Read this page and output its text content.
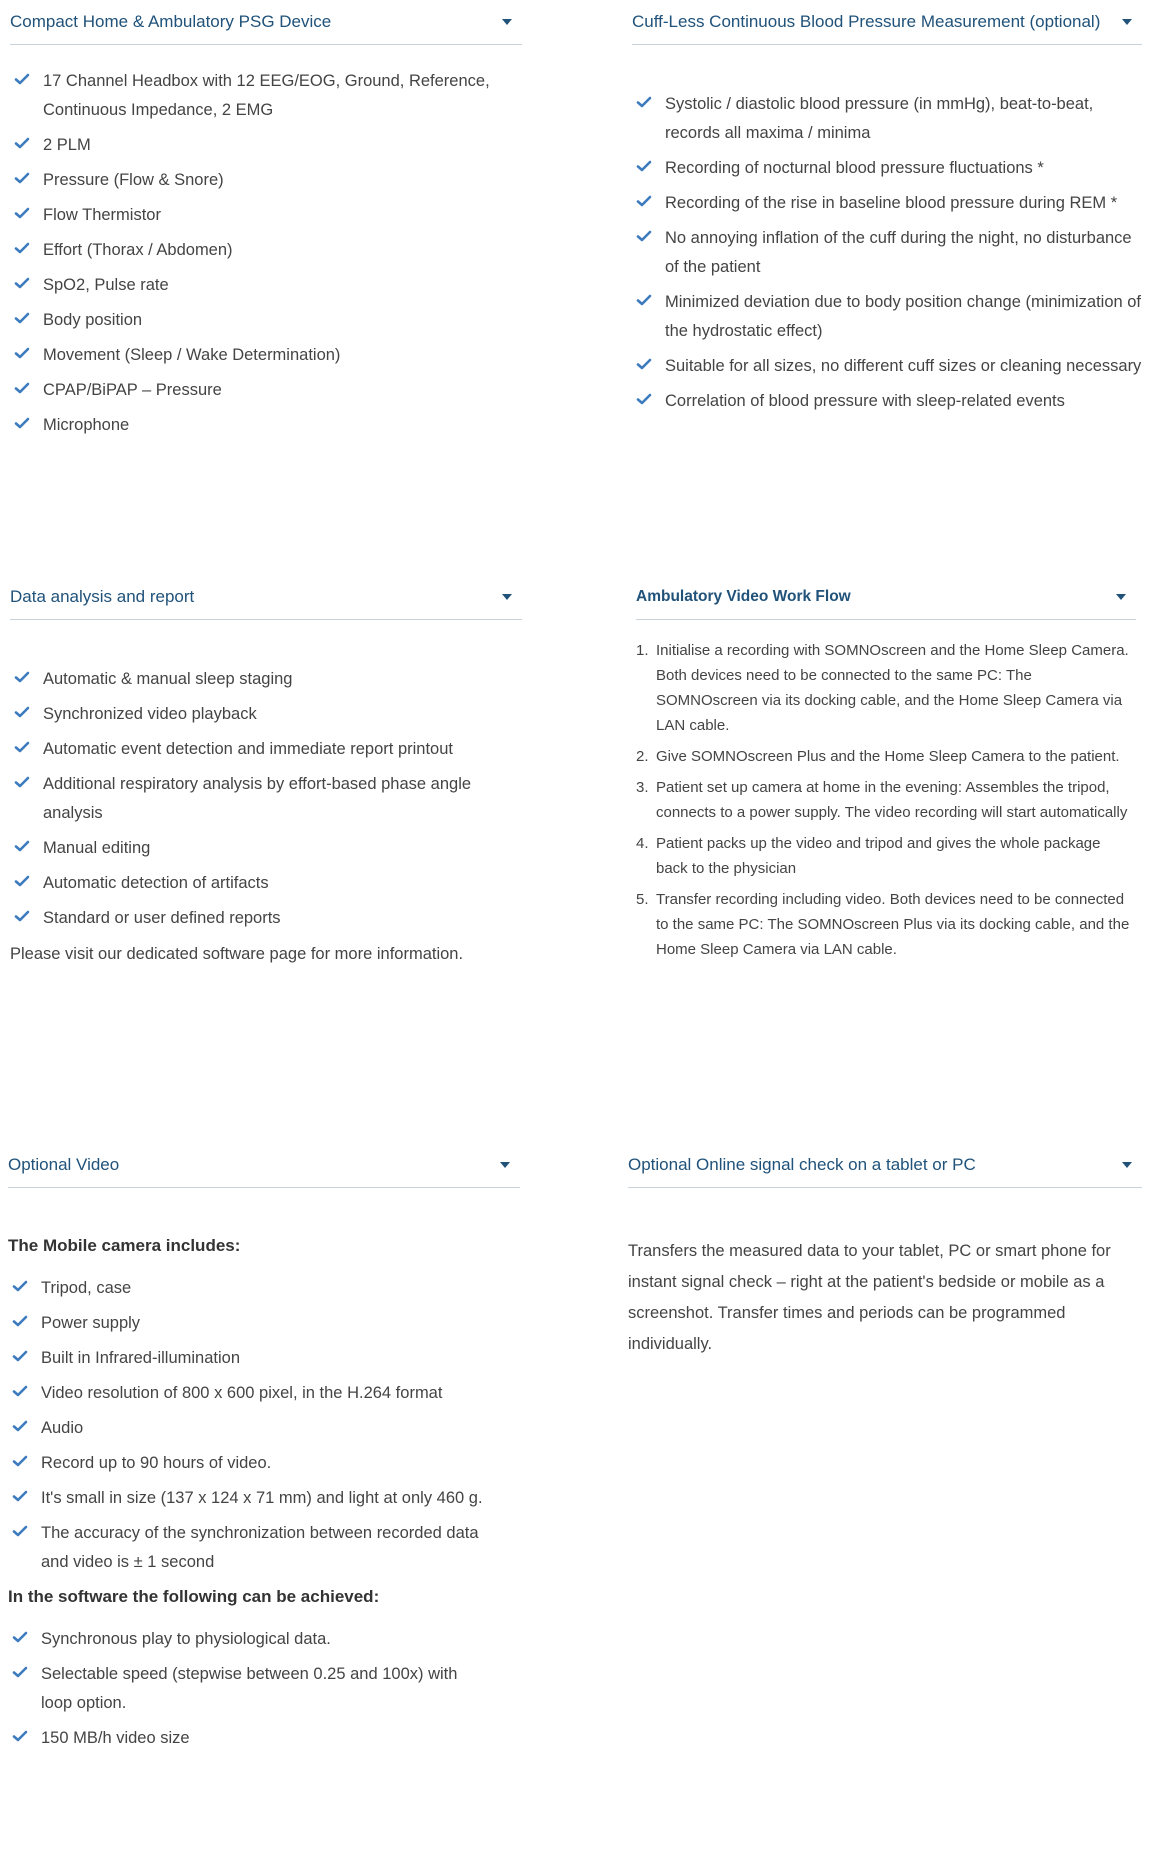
Compact Home & Ambulatory PSG Device
17 Channel Headbox with 12 EEG/EOG, Ground, Reference, Continuous Impedance, 2 EMG
2 PLM
Pressure (Flow & Snore)
Flow Thermistor
Effort (Thorax / Abdomen)
SpO2, Pulse rate
Body position
Movement (Sleep / Wake Determination)
CPAP/BiPAP – Pressure
Microphone
Cuff-Less Continuous Blood Pressure Measurement (optional)
Systolic / diastolic blood pressure (in mmHg), beat-to-beat, records all maxima / minima
Recording of nocturnal blood pressure fluctuations *
Recording of the rise in baseline blood pressure during REM *
No annoying inflation of the cuff during the night, no disturbance of the patient
Minimized deviation due to body position change (minimization of the hydrostatic effect)
Suitable for all sizes, no different cuff sizes or cleaning necessary
Correlation of blood pressure with sleep-related events
Data analysis and report
Automatic & manual sleep staging
Synchronized video playback
Automatic event detection and immediate report printout
Additional respiratory analysis by effort-based phase angle analysis
Manual editing
Automatic detection of artifacts
Standard or user defined reports

Please visit our dedicated software page for more information.

Ambulatory Video Work Flow
1. Initialise a recording with SOMNOscreen and the Home Sleep Camera.
Both devices need to be connected to the same PC: The SOMNOscreen via its docking cable, and the Home Sleep Camera via LAN cable.
2. Give SOMNOscreen Plus and the Home Sleep Camera to the patient.
3. Patient set up camera at home in the evening: Assembles the tripod, connects to a power supply. The video recording will start automatically
4. Patient packs up the video and tripod and gives the whole package back to the physician
5. Transfer recording including video. Both devices need to be connected to the same PC: The SOMNOscreen Plus via its docking cable, and the Home Sleep Camera via LAN cable.
Optional Video

The Mobile camera includes:

Tripod, case
Power supply
Built in Infrared-illumination
Video resolution of 800 x 600 pixel, in the H.264 format
Audio
Record up to 90 hours of video.
It's small in size (137 x 124 x 71 mm) and light at only 460 g.
The accuracy of the synchronization between recorded data and video is ± 1 second

In the software the following can be achieved:

Synchronous play to physiological data.
Selectable speed (stepwise between 0.25 and 100x) with loop option.
150 MB/h video size
Optional Online signal check on a tablet or PC

Transfers the measured data to your tablet, PC or smart phone for instant signal check – right at the patient's bedside or mobile as a screenshot. Transfer times and periods can be programmed individually.
